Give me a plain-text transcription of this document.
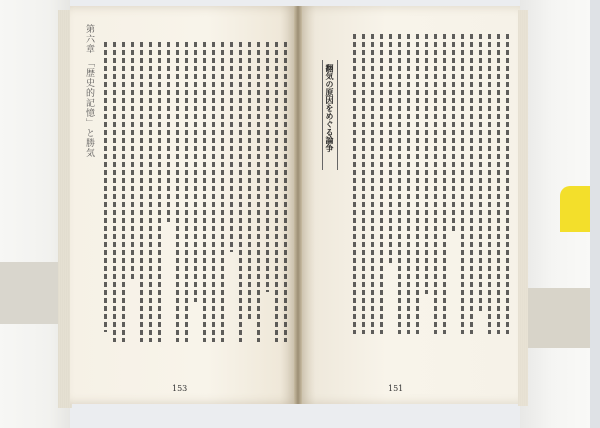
第六章 「歴史的記憶」と勝気	翻気の原因をめぐる論争
153	151
